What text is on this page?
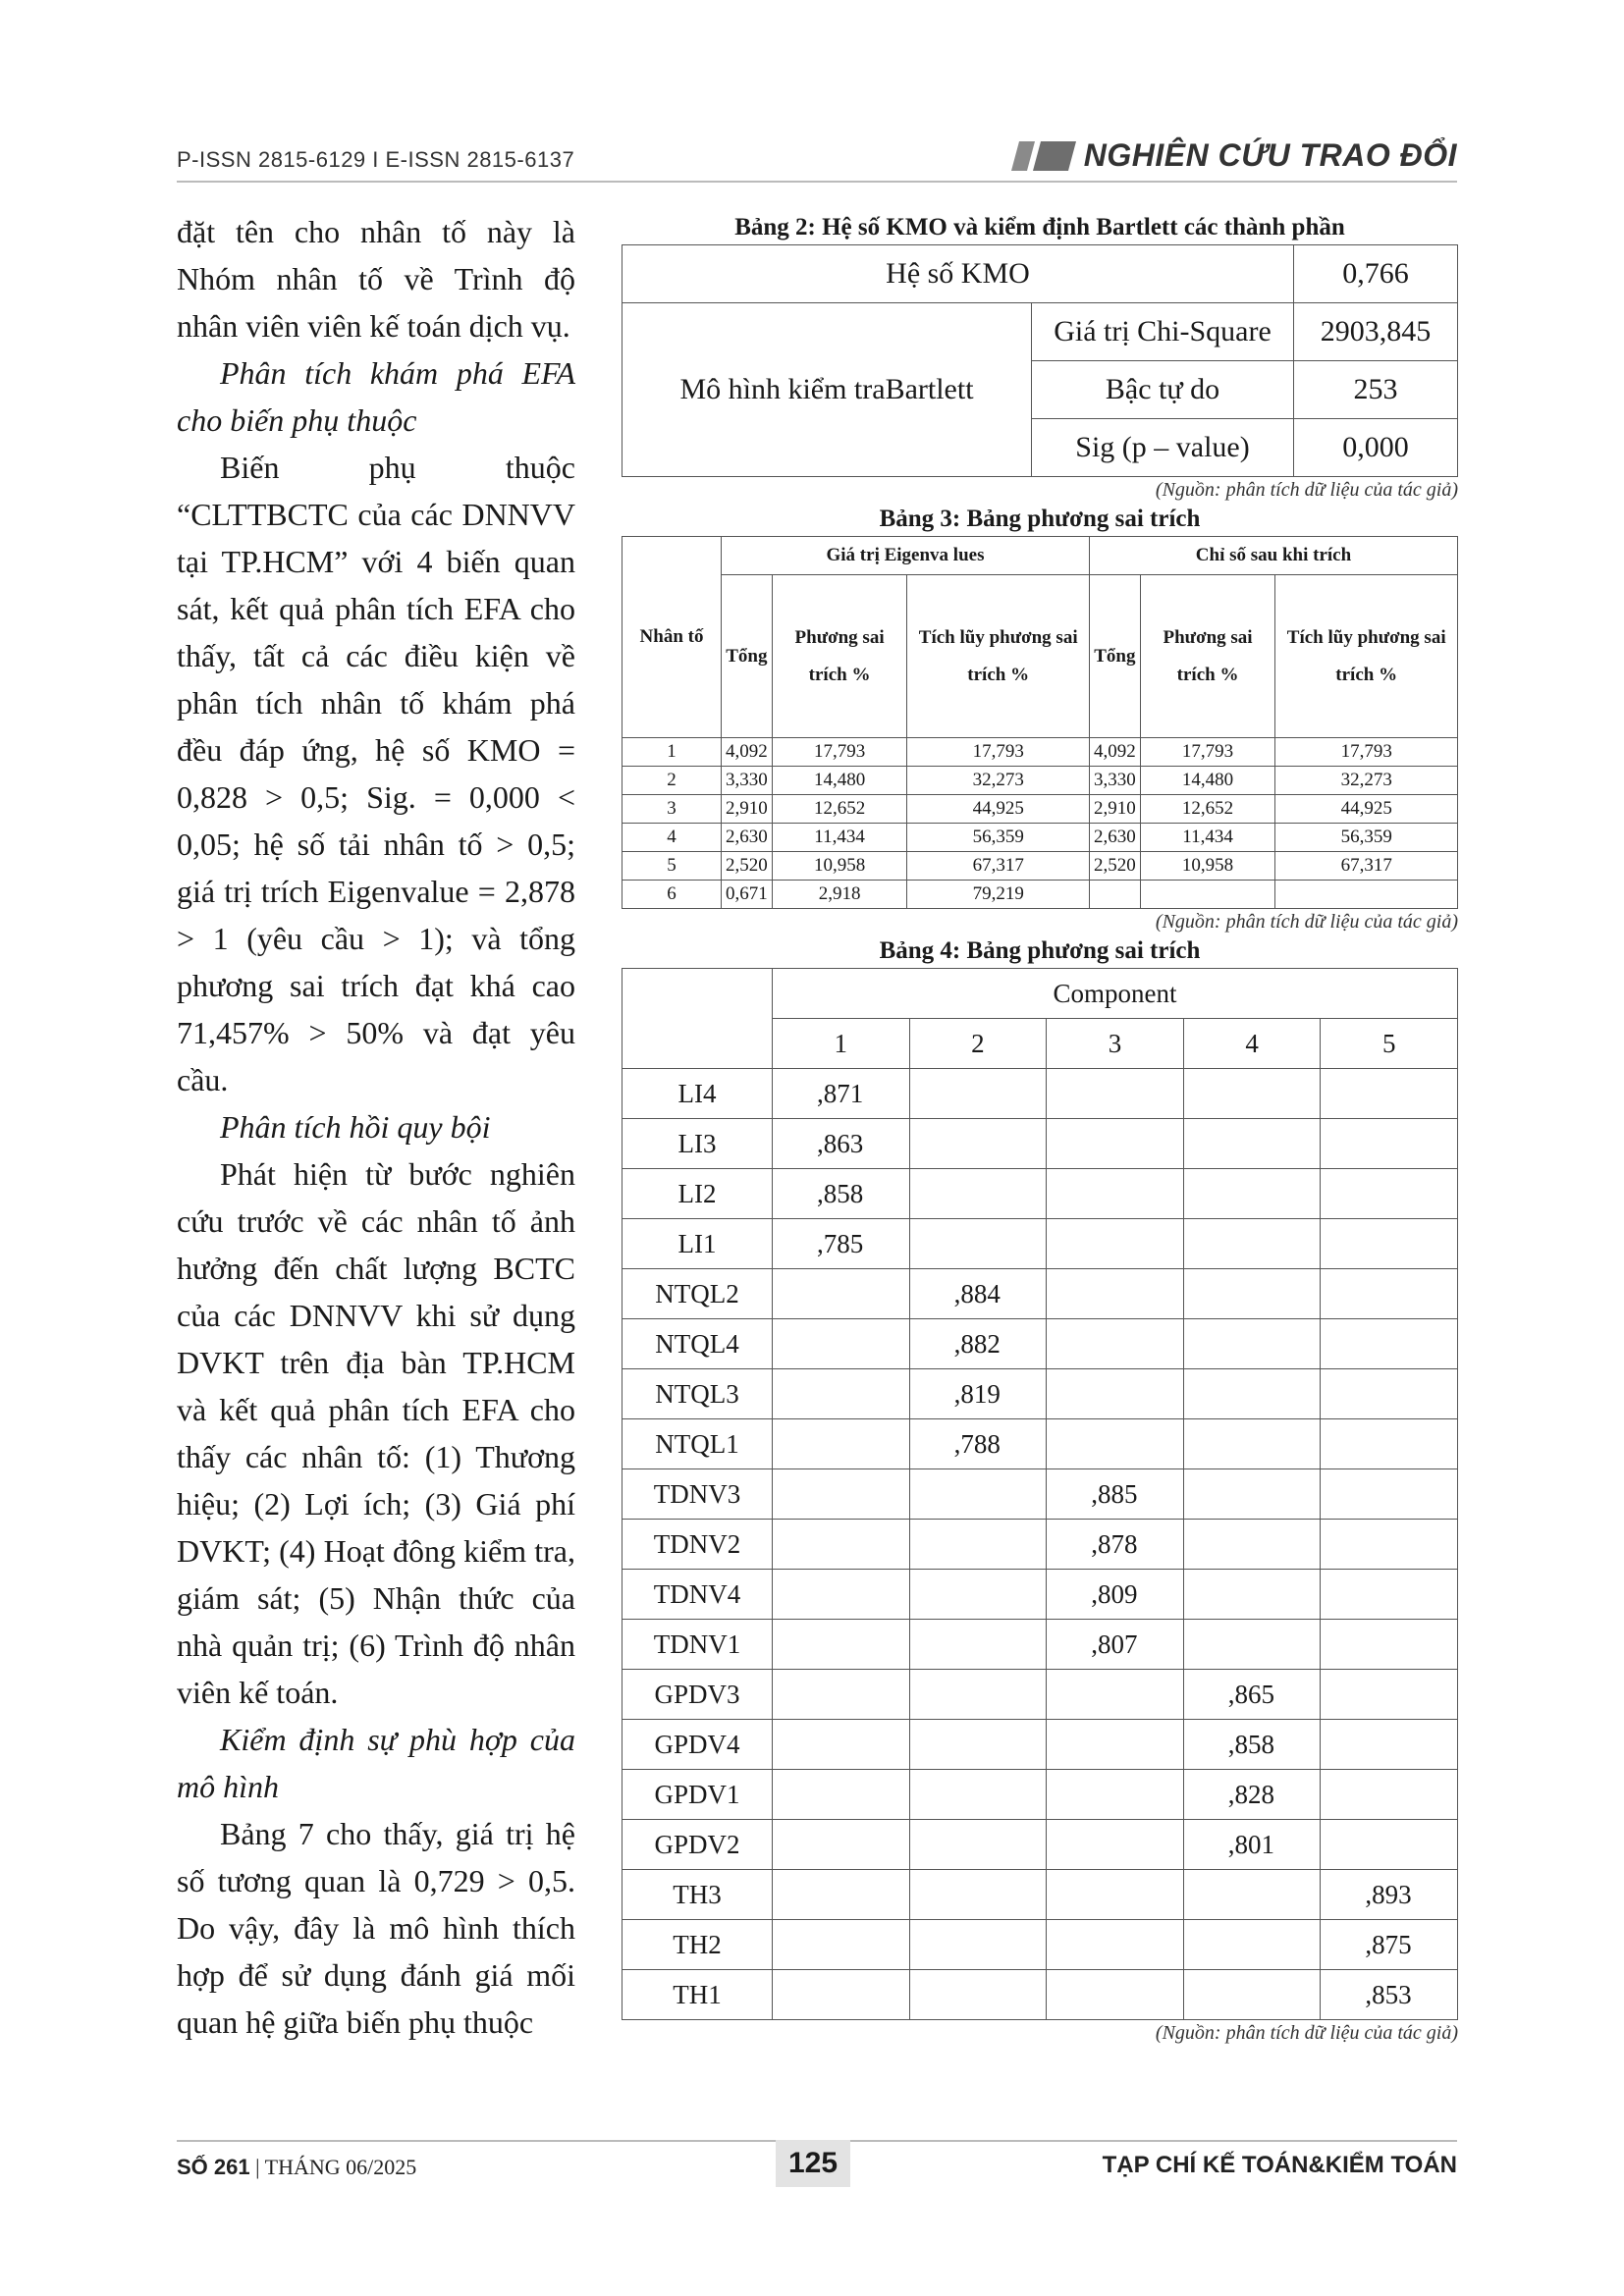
P-ISSN 2815-6129 I E-ISSN 2815-6137	NGHIÊN CỨU TRAO ĐỔI

đặt tên cho nhân tố này là Nhóm nhân tố về Trình độ nhân viên viên kế toán dịch vụ.

Phân tích khám phá EFA cho biến phụ thuộc

Biến phụ thuộc “CLTTBCTC của các DNNVV tại TP.HCM” với 4 biến quan sát, kết quả phân tích EFA cho thấy, tất cả các điều kiện về phân tích nhân tố khám phá đều đáp ứng, hệ số KMO = 0,828 > 0,5; Sig. = 0,000 < 0,05; hệ số tải nhân tố > 0,5; giá trị trích Eigenvalue = 2,878 > 1 (yêu cầu > 1); và tổng phương sai trích đạt khá cao 71,457% > 50% và đạt yêu cầu.

Phân tích hồi quy bội

Phát hiện từ bước nghiên cứu trước về các nhân tố ảnh hưởng đến chất lượng BCTC của các DNNVV khi sử dụng DVKT trên địa bàn TP.HCM và kết quả phân tích EFA cho thấy các nhân tố: (1) Thương hiệu; (2) Lợi ích; (3) Giá phí DVKT; (4) Hoạt đông kiểm tra, giám sát; (5) Nhận thức của nhà quản trị; (6) Trình độ nhân viên kế toán.

Kiểm định sự phù hợp của mô hình

Bảng 7 cho thấy, giá trị hệ số tương quan là 0,729 > 0,5. Do vậy, đây là mô hình thích hợp để sử dụng đánh giá mối quan hệ giữa biến phụ thuộc

Bảng 2: Hệ số KMO và kiểm định Bartlett các thành phần
Hệ số KMO		0,766
Mô hình kiểm traBartlett	Giá trị Chi-Square	2903,845
	Bậc tự do	253
	Sig (p – value)	0,000
(Nguồn: phân tích dữ liệu của tác giả)
Bảng 3: Bảng phương sai trích
Nhân tố	Giá trị Eigenva lues			Chỉ số sau khi trích		
	Tổng	Phương sai trích %	Tích lũy phương sai trích %	Tổng	Phương sai trích %	Tích lũy phương sai trích %
1	4,092	17,793	17,793	4,092	17,793	17,793
2	3,330	14,480	32,273	3,330	14,480	32,273
3	2,910	12,652	44,925	2,910	12,652	44,925
4	2,630	11,434	56,359	2,630	11,434	56,359
5	2,520	10,958	67,317	2,520	10,958	67,317
6	0,671	2,918	79,219			
(Nguồn: phân tích dữ liệu của tác giả)
Bảng 4: Bảng phương sai trích
	Component				
	1	2	3	4	5
LI4	,871				
LI3	,863				
LI2	,858				
LI1	,785				
NTQL2		,884			
NTQL4		,882			
NTQL3		,819			
NTQL1		,788			
TDNV3			,885		
TDNV2			,878		
TDNV4			,809		
TDNV1			,807		
GPDV3				,865	
GPDV4				,858	
GPDV1				,828	
GPDV2				,801	
TH3					,893
TH2					,875
TH1					,853
(Nguồn: phân tích dữ liệu của tác giả)
SỐ 261 | THÁNG 06/2025	125	TẠP CHÍ KẾ TOÁN&KIỂM TOÁN
